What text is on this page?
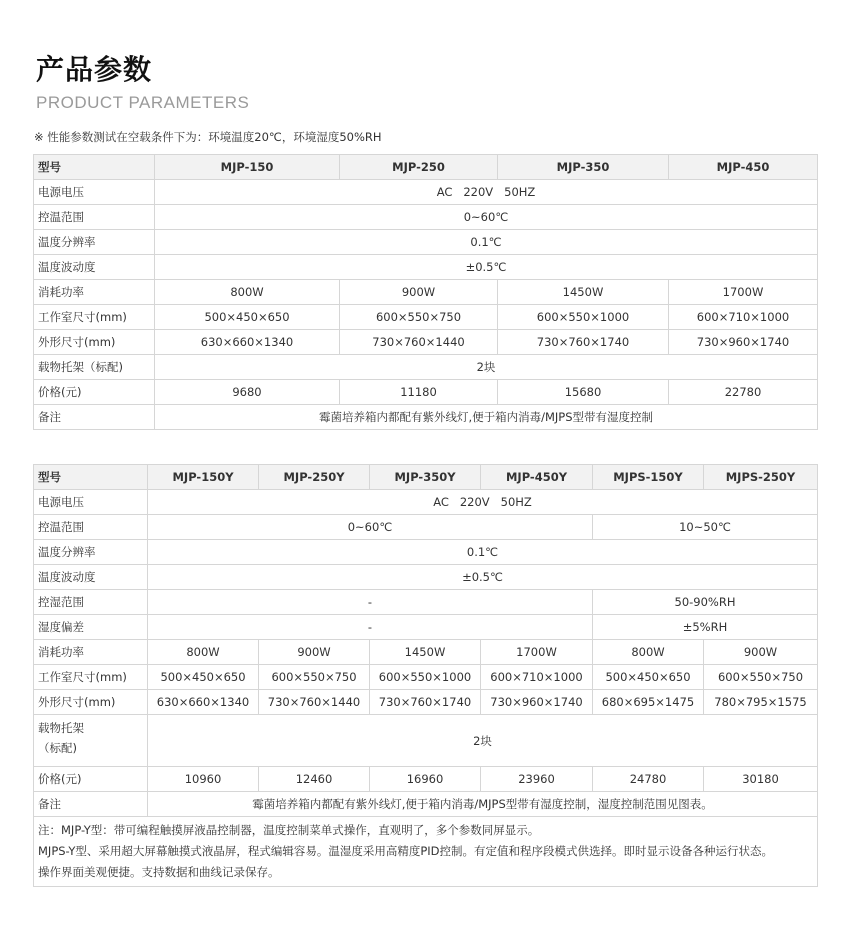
产品参数
PRODUCT PARAMETERS
※ 性能参数测试在空载条件下为：环境温度20℃，环境湿度50%RH
型号	MJP-150	MJP-250	MJP-350	MJP-450
电源电压	AC   220V   50HZ			
控温范围	0~60℃			
温度分辨率	0.1℃			
温度波动度	±0.5℃			
消耗功率	800W	900W	1450W	1700W
工作室尺寸(mm)	500×450×650	600×550×750	600×550×1000	600×710×1000
外形尺寸(mm)	630×660×1340	730×760×1440	730×760×1740	730×960×1740
载物托架（标配)	2块			
价格(元)	9680	11180	15680	22780
备注	霉菌培养箱内都配有紫外线灯,便于箱内消毒/MJPS型带有湿度控制			
型号	MJP-150Y	MJP-250Y	MJP-350Y	MJP-450Y	MJPS-150Y	MJPS-250Y
电源电压	AC   220V   50HZ					
控温范围	0~60℃				10~50℃	
温度分辨率	0.1℃					
温度波动度	±0.5℃					
控湿范围	-				50-90%RH	
湿度偏差	-				±5%RH	
消耗功率	800W	900W	1450W	1700W	800W	900W
工作室尺寸(mm)	500×450×650	600×550×750	600×550×1000	600×710×1000	500×450×650	600×550×750
外形尺寸(mm)	630×660×1340	730×760×1440	730×760×1740	730×960×1740	680×695×1475	780×795×1575
载物托架
（标配)	2块					
价格(元)	10960	12460	16960	23960	24780	30180
备注	霉菌培养箱内都配有紫外线灯,便于箱内消毒/MJPS型带有湿度控制，湿度控制范围见图表。					

注：MJP-Y型：带可编程触摸屏液晶控制器，温度控制菜单式操作，直观明了，多个参数同屏显示。
MJPS-Y型、采用超大屏幕触摸式液晶屏，程式编辑容易。温湿度采用高精度PID控制。有定值和程序段模式供选择。即时显示设备各种运行状态。
操作界面美观便捷。支持数据和曲线记录保存。						
